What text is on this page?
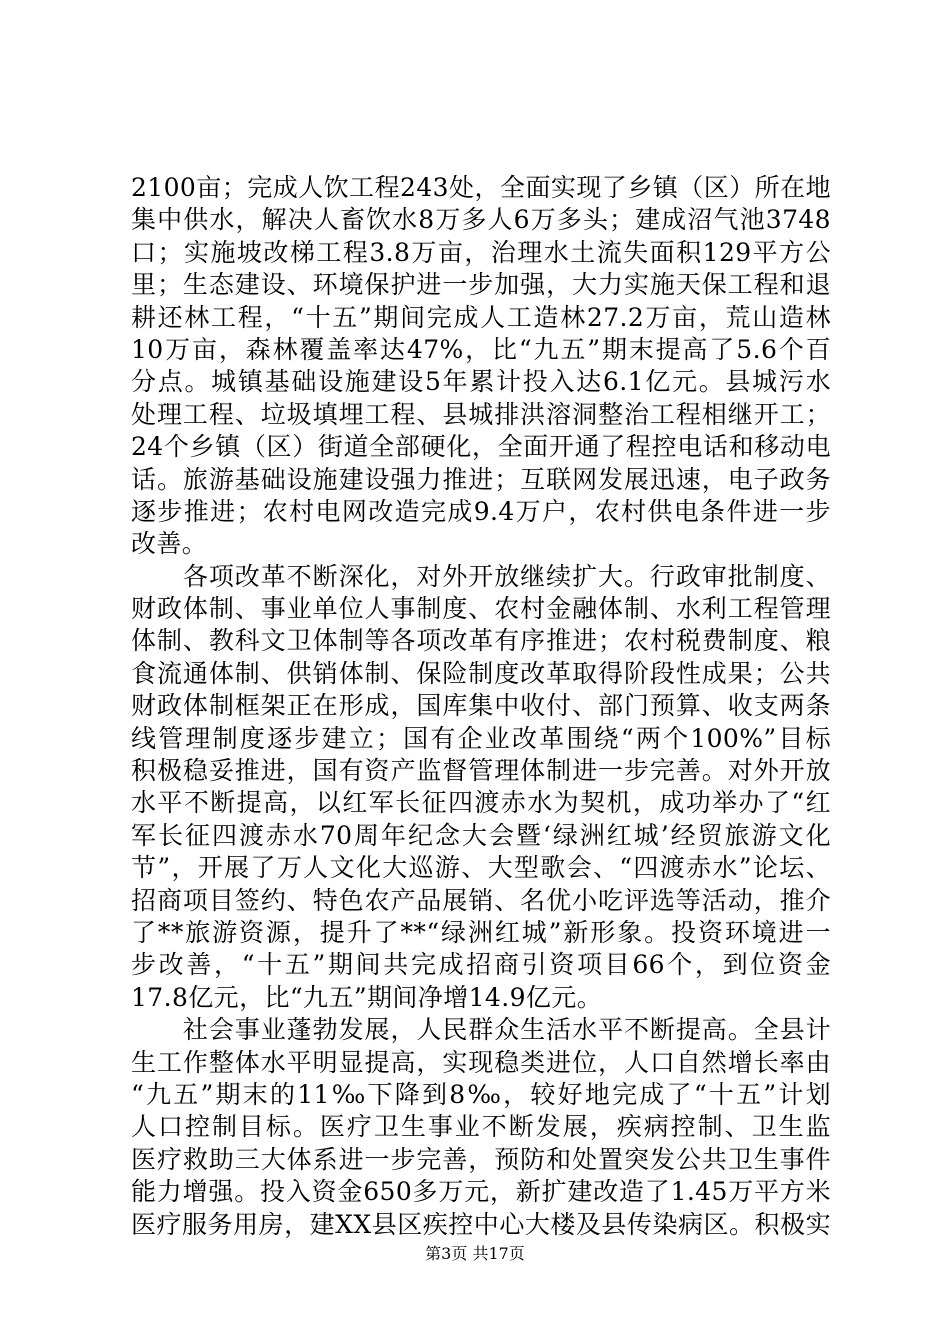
2100亩；完成人饮工程243处，全面实现了乡镇（区）所在地
集中供水，解决人畜饮水8万多人6万多头；建成沼气池3748
口；实施坡改梯工程3.8万亩，治理水土流失面积129平方公
里；生态建设、环境保护进一步加强，大力实施天保工程和退
耕还林工程，“十五”期间完成人工造林27.2万亩，荒山造林
10万亩，森林覆盖率达47%，比“九五”期末提高了5.6个百
分点。城镇基础设施建设5年累计投入达6.1亿元。县城污水
处理工程、垃圾填埋工程、县城排洪溶洞整治工程相继开工；
24个乡镇（区）街道全部硬化，全面开通了程控电话和移动电
话。旅游基础设施建设强力推进；互联网发展迅速，电子政务
逐步推进；农村电网改造完成9.4万户，农村供电条件进一步
改善。
　　各项改革不断深化，对外开放继续扩大。行政审批制度、
财政体制、事业单位人事制度、农村金融体制、水利工程管理
体制、教科文卫体制等各项改革有序推进；农村税费制度、粮
食流通体制、供销体制、保险制度改革取得阶段性成果；公共
财政体制框架正在形成，国库集中收付、部门预算、收支两条
线管理制度逐步建立；国有企业改革围绕“两个100%”目标
积极稳妥推进，国有资产监督管理体制进一步完善。对外开放
水平不断提高，以红军长征四渡赤水为契机，成功举办了“红
军长征四渡赤水70周年纪念大会暨‘绿洲红城’经贸旅游文化
节”，开展了万人文化大巡游、大型歌会、“四渡赤水”论坛、
招商项目签约、特色农产品展销、名优小吃评选等活动，推介
了**旅游资源，提升了**“绿洲红城”新形象。投资环境进一
步改善，“十五”期间共完成招商引资项目66个，到位资金
17.8亿元，比“九五”期间净增14.9亿元。
　　社会事业蓬勃发展，人民群众生活水平不断提高。全县计
生工作整体水平明显提高，实现稳类进位，人口自然增长率由
“九五”期末的11‰下降到8‰，较好地完成了“十五”计划
人口控制目标。医疗卫生事业不断发展，疾病控制、卫生监
医疗救助三大体系进一步完善，预防和处置突发公共卫生事件
能力增强。投入资金650多万元，新扩建改造了1.45万平方米
医疗服务用房，建XX县区疾控中心大楼及县传染病区。积极实
第3页 共17页
